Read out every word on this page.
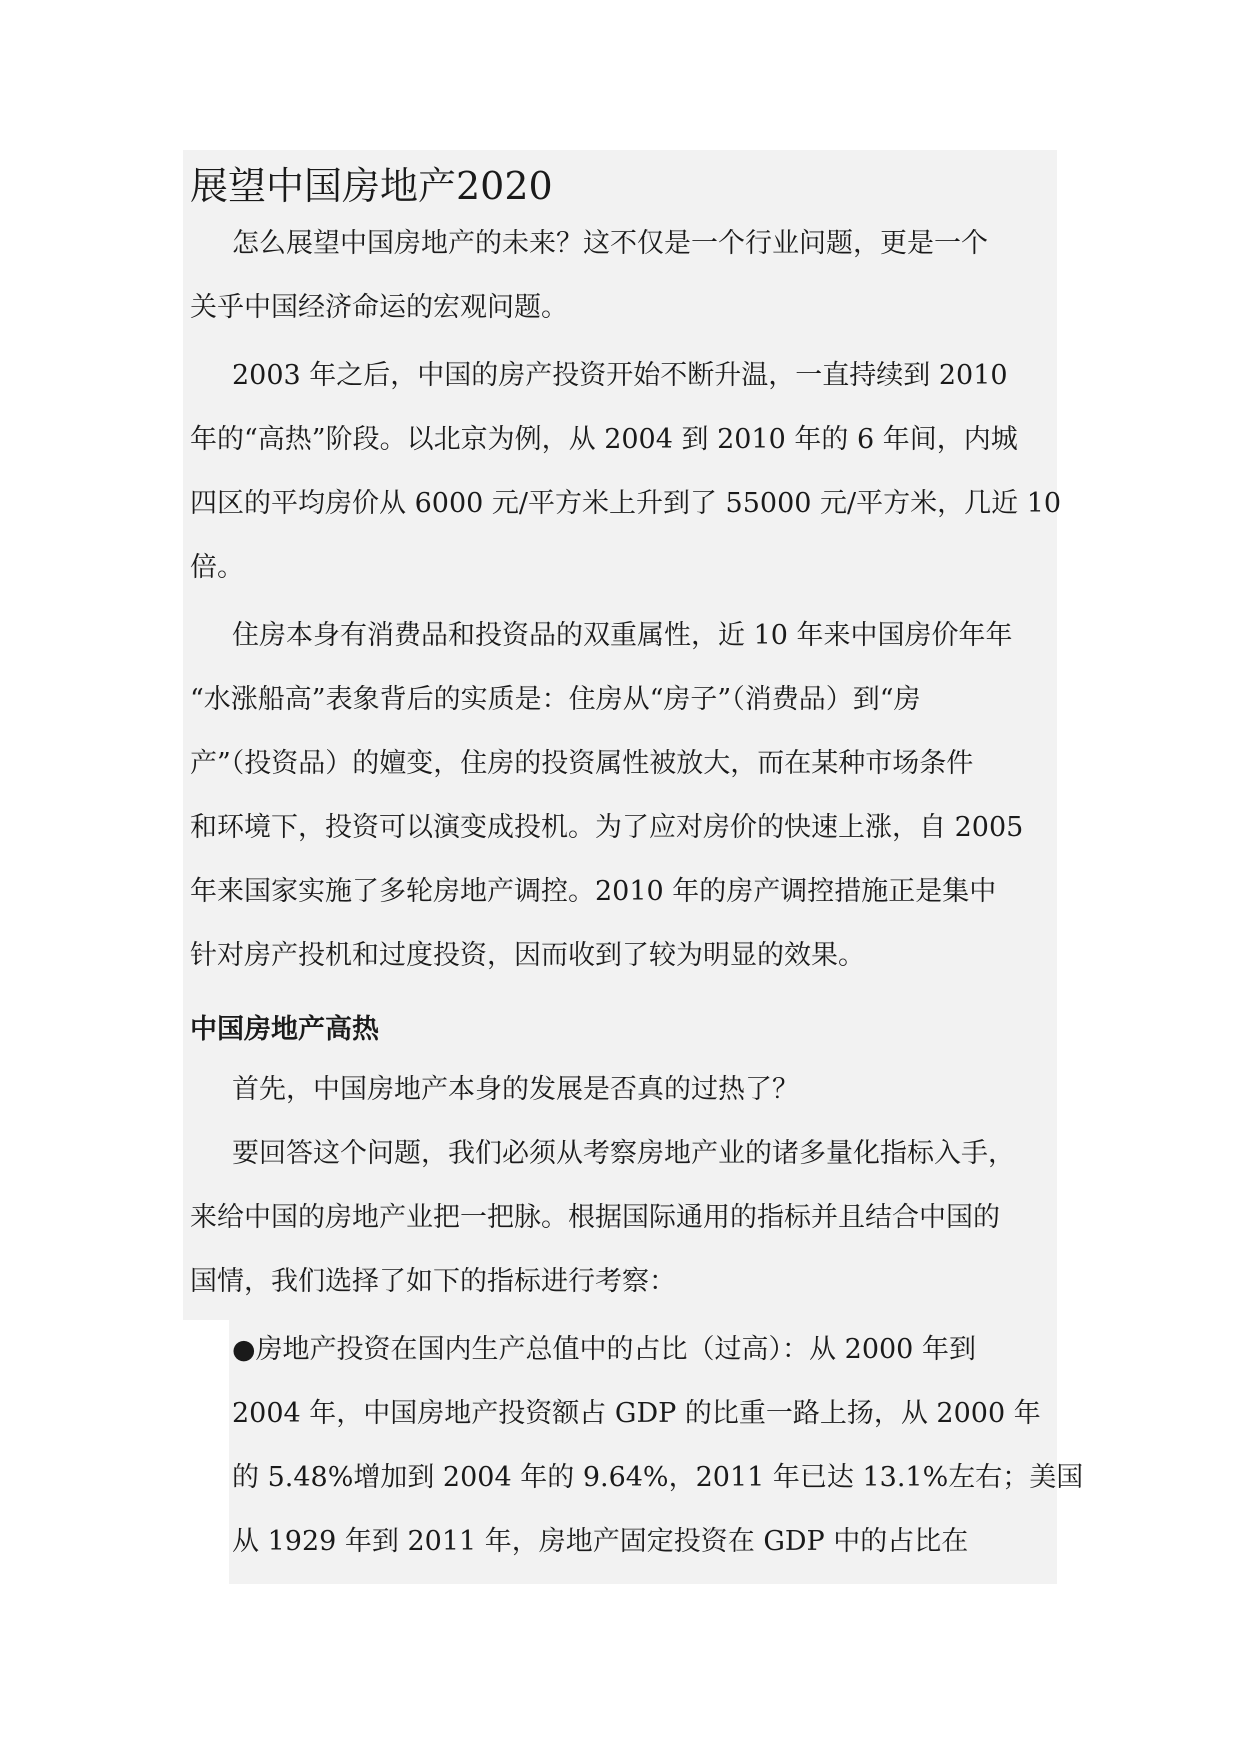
展望中国房地产2020
怎么展望中国房地产的未来？这不仅是一个行业问题，更是一个
关乎中国经济命运的宏观问题。
2003 年之后，中国的房产投资开始不断升温，一直持续到 2010
年的“高热”阶段。以北京为例，从 2004 到 2010 年的 6 年间，内城
四区的平均房价从 6000 元/平方米上升到了 55000 元/平方米，几近 10
倍。
住房本身有消费品和投资品的双重属性，近 10 年来中国房价年年
“水涨船高”表象背后的实质是：住房从“房子”（消费品）到“房
产”（投资品）的嬗变，住房的投资属性被放大，而在某种市场条件
和环境下，投资可以演变成投机。为了应对房价的快速上涨，自 2005
年来国家实施了多轮房地产调控。2010 年的房产调控措施正是集中
针对房产投机和过度投资，因而收到了较为明显的效果。
中国房地产高热
首先，中国房地产本身的发展是否真的过热了？
要回答这个问题，我们必须从考察房地产业的诸多量化指标入手，
来给中国的房地产业把一把脉。根据国际通用的指标并且结合中国的
国情，我们选择了如下的指标进行考察：
●房地产投资在国内生产总值中的占比（过高）：从 2000 年到
2004 年，中国房地产投资额占 GDP 的比重一路上扬，从 2000 年
的 5.48%增加到 2004 年的 9.64%，2011 年已达 13.1%左右；美国
从 1929 年到 2011 年，房地产固定投资在 GDP 中的占比在
